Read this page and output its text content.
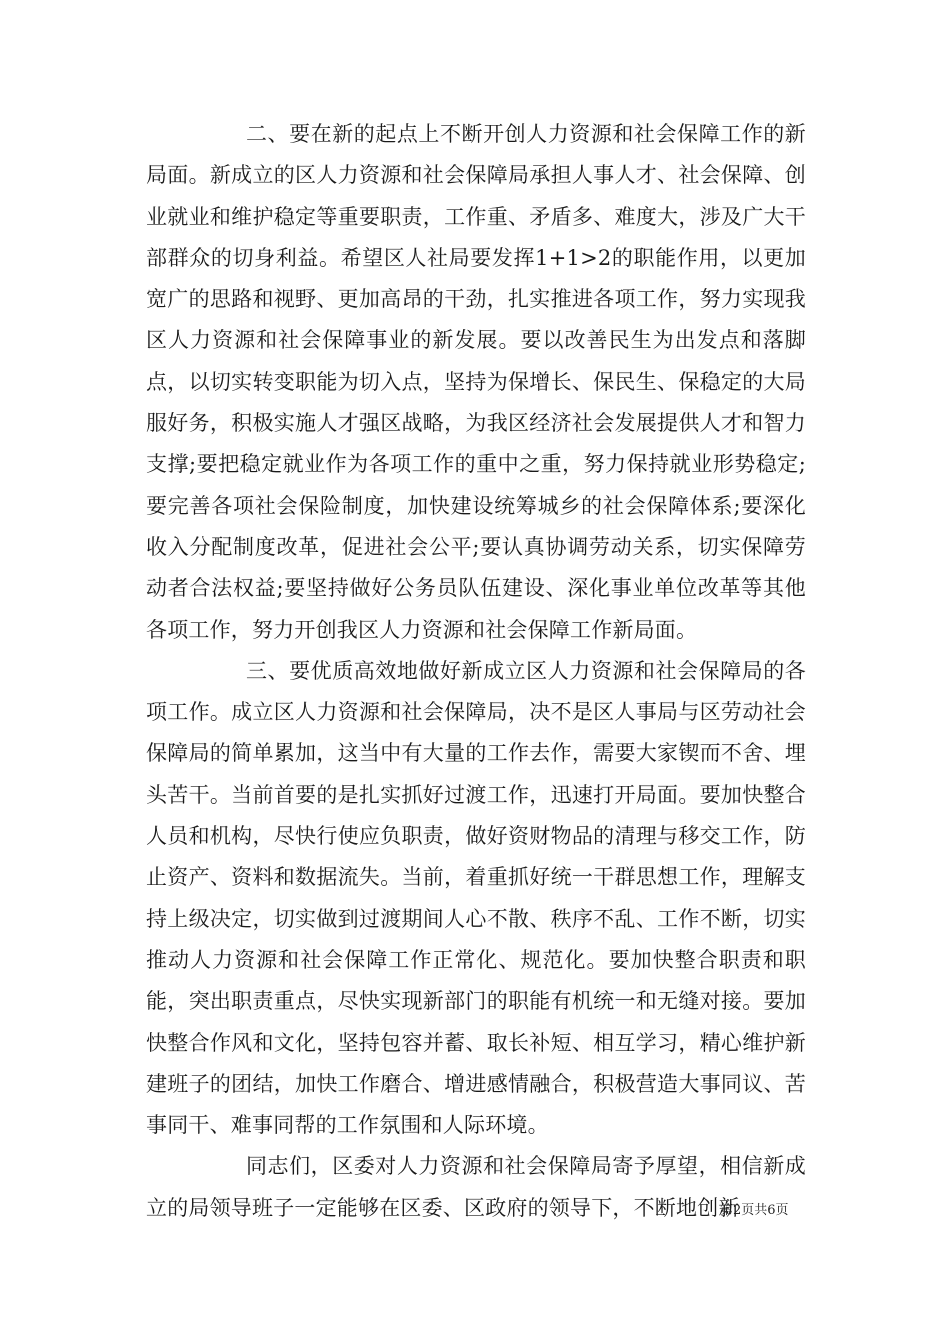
二、要在新的起点上不断开创人力资源和社会保障工作的新局面。新成立的区人力资源和社会保障局承担人事人才、社会保障、创业就业和维护稳定等重要职责，工作重、矛盾多、难度大，涉及广大干部群众的切身利益。希望区人社局要发挥1+1>2的职能作用，以更加宽广的思路和视野、更加高昂的干劲，扎实推进各项工作，努力实现我区人力资源和社会保障事业的新发展。要以改善民生为出发点和落脚点，以切实转变职能为切入点，坚持为保增长、保民生、保稳定的大局服好务，积极实施人才强区战略，为我区经济社会发展提供人才和智力支撑;要把稳定就业作为各项工作的重中之重，努力保持就业形势稳定;要完善各项社会保险制度，加快建设统筹城乡的社会保障体系;要深化收入分配制度改革，促进社会公平;要认真协调劳动关系，切实保障劳动者合法权益;要坚持做好公务员队伍建设、深化事业单位改革等其他各项工作，努力开创我区人力资源和社会保障工作新局面。

三、要优质高效地做好新成立区人力资源和社会保障局的各项工作。成立区人力资源和社会保障局，决不是区人事局与区劳动社会保障局的简单累加，这当中有大量的工作去作，需要大家锲而不舍、埋头苦干。当前首要的是扎实抓好过渡工作，迅速打开局面。要加快整合人员和机构，尽快行使应负职责，做好资财物品的清理与移交工作，防止资产、资料和数据流失。当前，着重抓好统一干群思想工作，理解支持上级决定，切实做到过渡期间人心不散、秩序不乱、工作不断，切实推动人力资源和社会保障工作正常化、规范化。要加快整合职责和职能，突出职责重点，尽快实现新部门的职能有机统一和无缝对接。要加快整合作风和文化，坚持包容并蓄、取长补短、相互学习，精心维护新建班子的团结，加快工作磨合、增进感情融合，积极营造大事同议、苦事同干、难事同帮的工作氛围和人际环境。

同志们，区委对人力资源和社会保障局寄予厚望，相信新成立的局领导班子一定能够在区委、区政府的领导下，不断地创新

第2页共6页
